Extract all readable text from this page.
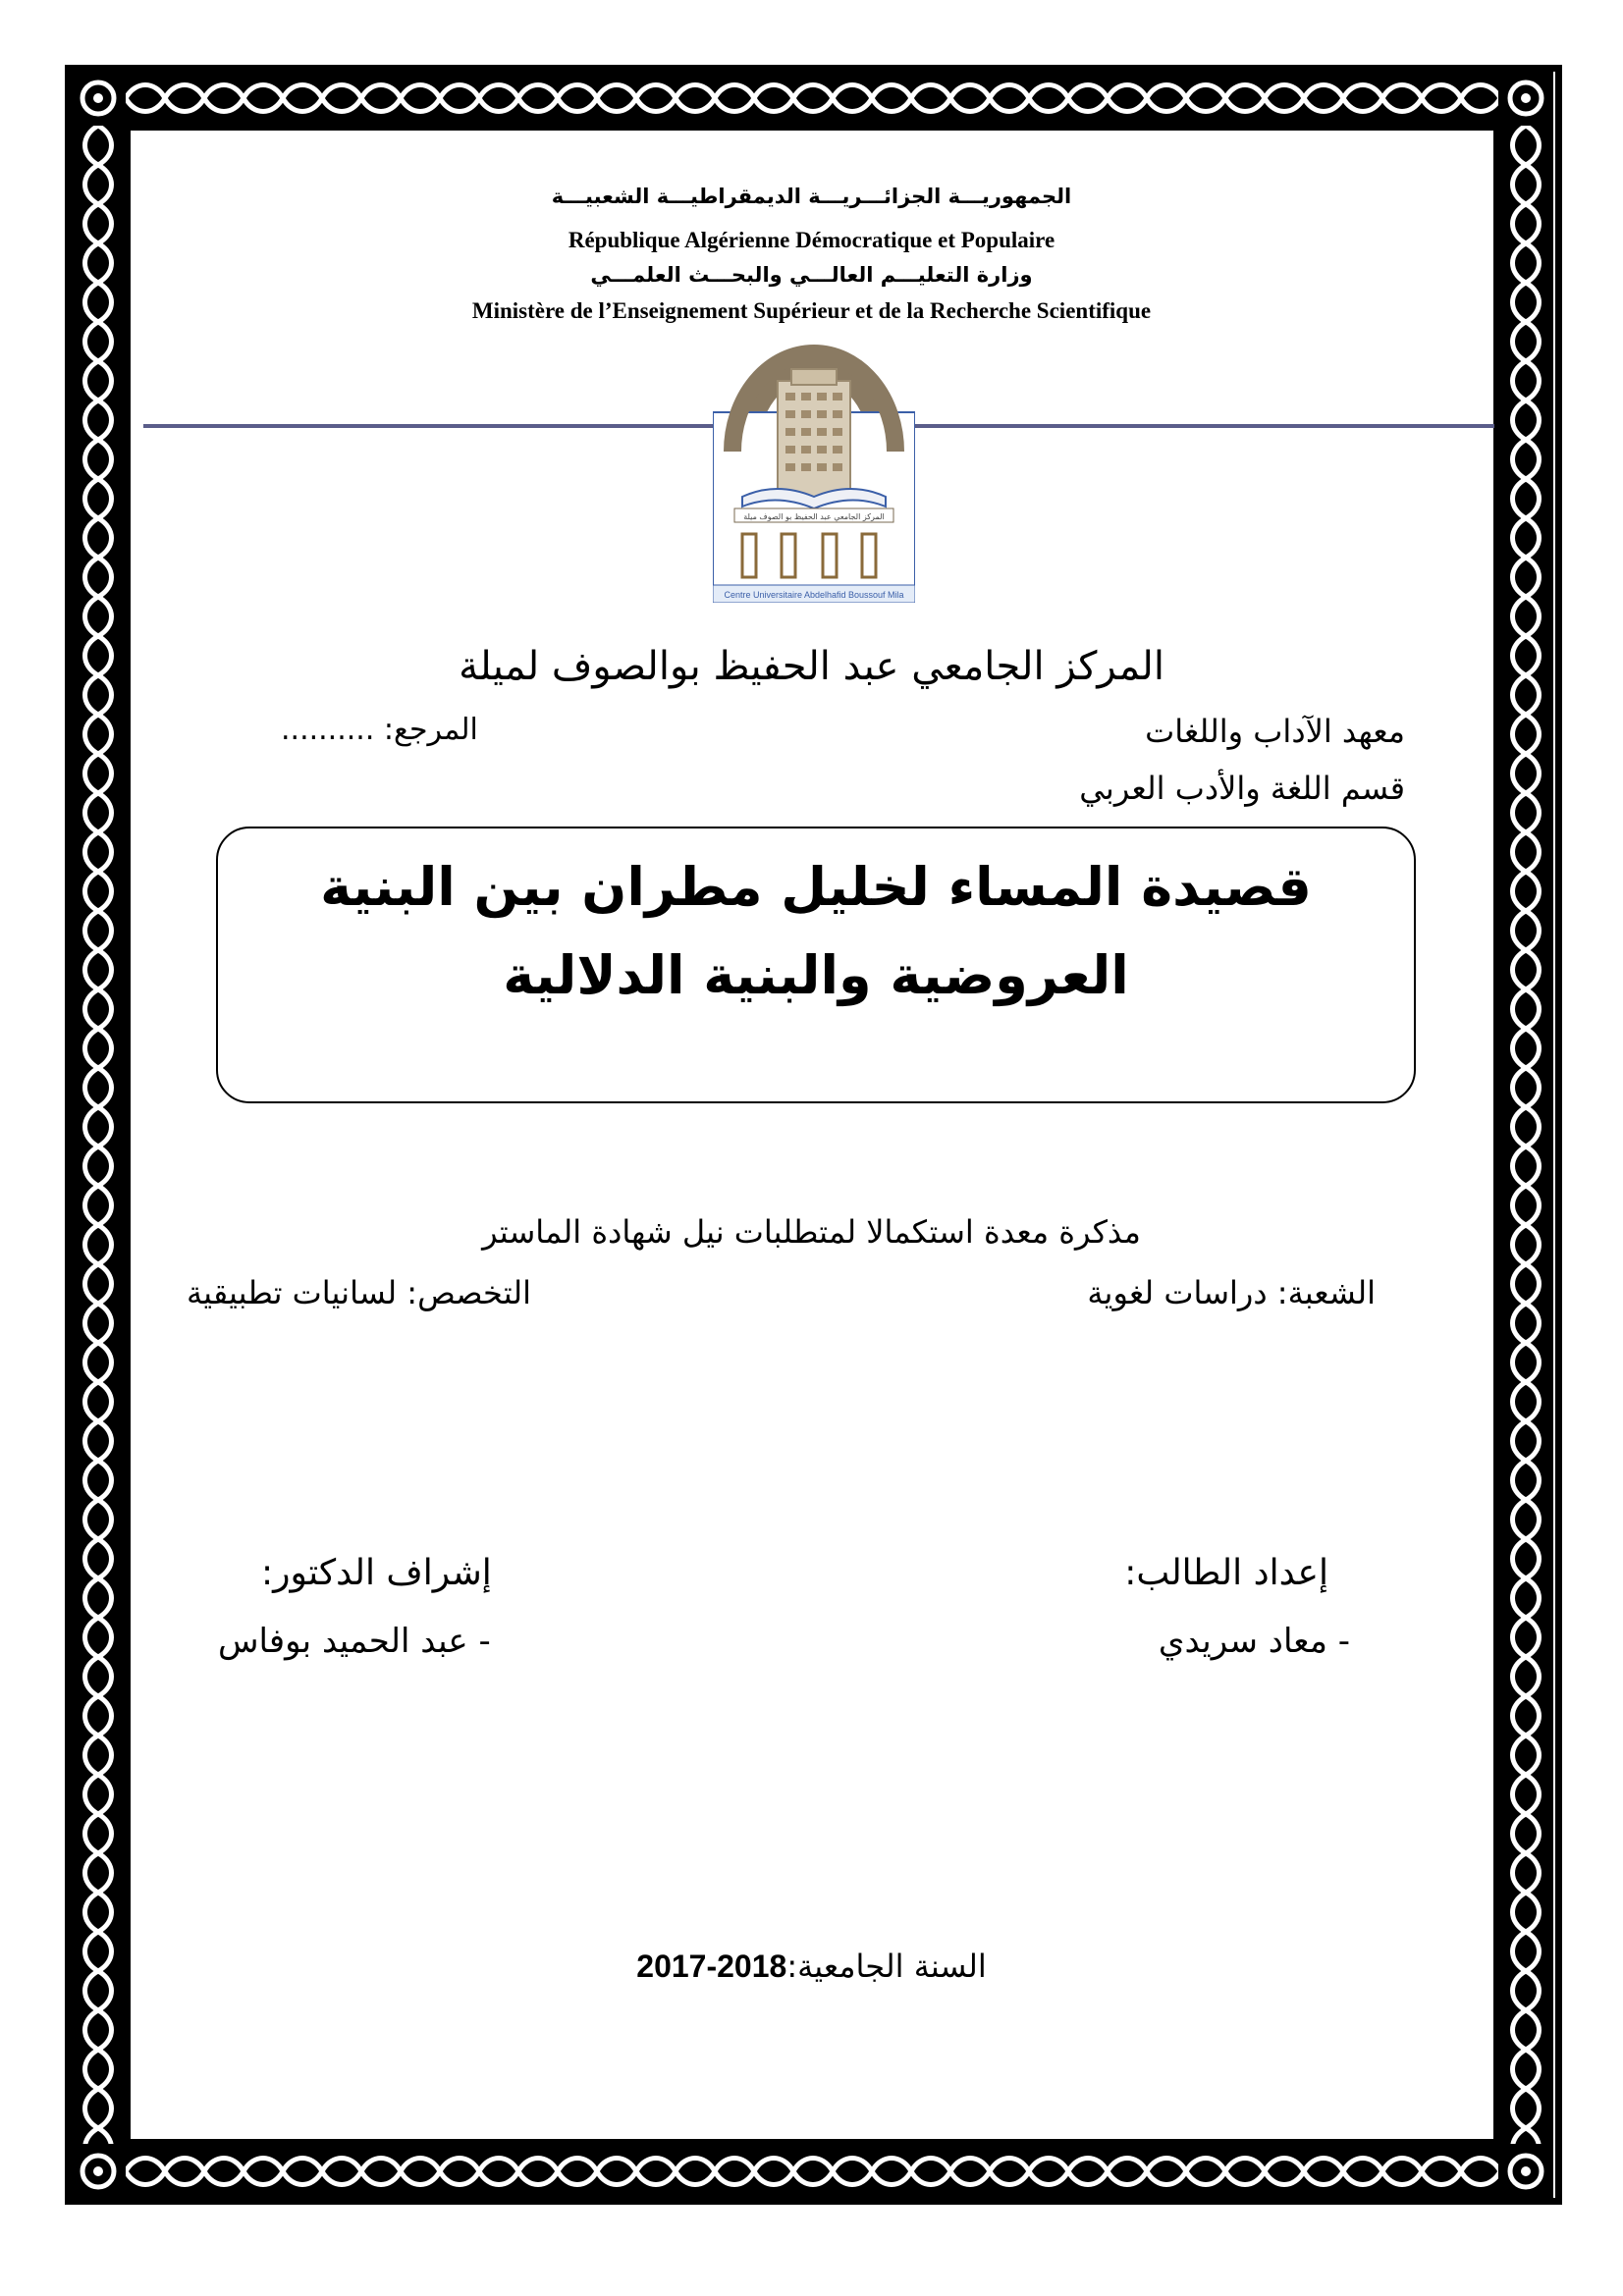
الجمهوريـــة الجزائـــريـــة الديمقراطيـــة الشعبيـــة
République Algérienne Démocratique et Populaire
وزارة التعليـــم العالـــي والبحـــث العلمـــي
Ministère de l’Enseignement Supérieur et de la Recherche Scientifique
المركز الجامعي عبد الحفيظ بو الصوف ميلة
Centre Universitaire Abdelhafid Boussouf Mila
المركز الجامعي عبد الحفيظ بوالصوف لميلة
معهد الآداب واللغات
المرجع: ..........
قسم اللغة والأدب العربي
قصيدة المساء لخليل مطران بين البنية
العروضية والبنية الدلالية
مذكرة معدة استكمالا لمتطلبات نيل شهادة الماستر
الشعبة: دراسات لغوية
التخصص: لسانيات تطبيقية
إعداد الطالب:
إشراف الدكتور:
- معاد سريدي
- عبد الحميد بوفاس
السنة الجامعية:2017-2018
